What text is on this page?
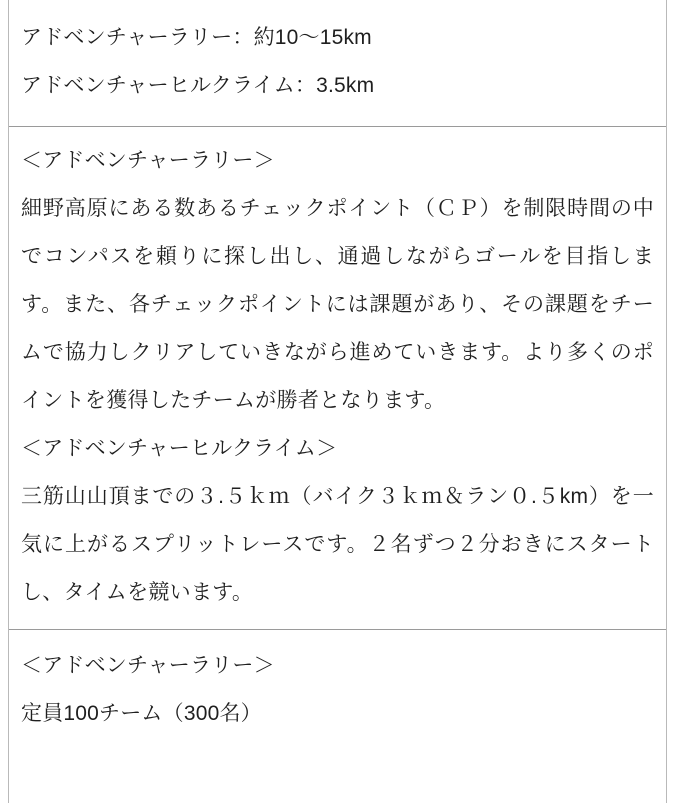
アドベンチャーラリー：約10〜15km
アドベンチャーヒルクライム：3.5km

＜アドベンチャーラリー＞

細野高原にある数あるチェックポイント（ＣＰ）を制限時間の中でコンパスを頼りに探し出し、通過しながらゴールを目指します。また、各チェックポイントには課題があり、その課題をチームで協力しクリアしていきながら進めていきます。より多くのポイントを獲得したチームが勝者となります。

＜アドベンチャーヒルクライム＞

三筋山山頂までの３.５ｋｍ（バイク３ｋｍ＆ラン０.５km）を一気に上がるスプリットレースです。２名ずつ２分おきにスタートし、タイムを競います。

＜アドベンチャーラリー＞

定員100チーム（300名）
